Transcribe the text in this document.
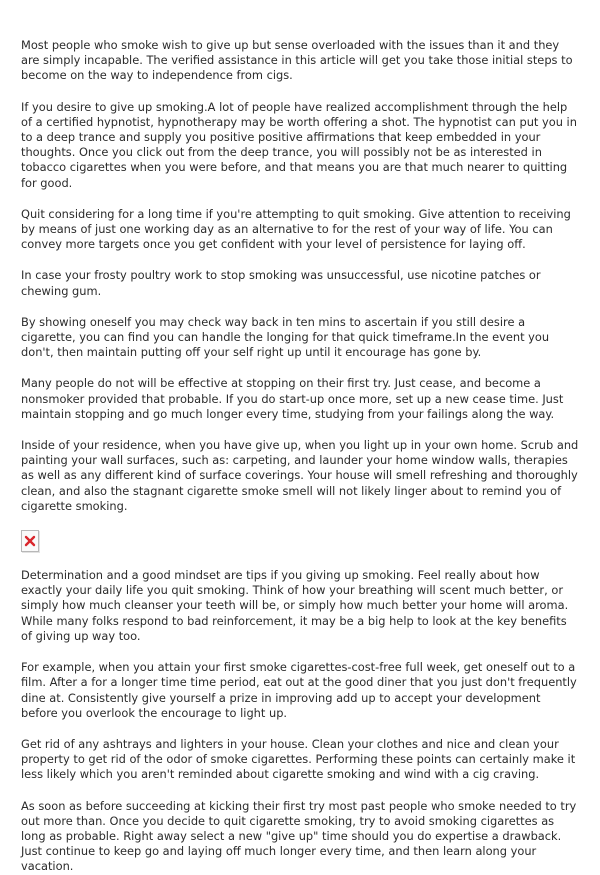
Most people who smoke wish to give up but sense overloaded with the issues than it and they are simply incapable. The verified assistance in this article will get you take those initial steps to become on the way to independence from cigs.

If you desire to give up smoking.A lot of people have realized accomplishment through the help of a certified hypnotist, hypnotherapy may be worth offering a shot. The hypnotist can put you in to a deep trance and supply you positive positive affirmations that keep embedded in your thoughts. Once you click out from the deep trance, you will possibly not be as interested in tobacco cigarettes when you were before, and that means you are that much nearer to quitting for good.

Quit considering for a long time if you're attempting to quit smoking. Give attention to receiving by means of just one working day as an alternative to for the rest of your way of life. You can convey more targets once you get confident with your level of persistence for laying off.

In case your frosty poultry work to stop smoking was unsuccessful, use nicotine patches or chewing gum.

By showing oneself you may check way back in ten mins to ascertain if you still desire a cigarette, you can find you can handle the longing for that quick timeframe.In the event you don't, then maintain putting off your self right up until it encourage has gone by.

Many people do not will be effective at stopping on their first try. Just cease, and become a nonsmoker provided that probable. If you do start-up once more, set up a new cease time. Just maintain stopping and go much longer every time, studying from your failings along the way.

Inside of your residence, when you have give up, when you light up in your own home. Scrub and painting your wall surfaces, such as: carpeting, and launder your home window walls, therapies as well as any different kind of surface coverings. Your house will smell refreshing and thoroughly clean, and also the stagnant cigarette smoke smell will not likely linger about to remind you of cigarette smoking.

Determination and a good mindset are tips if you giving up smoking. Feel really about how exactly your daily life you quit smoking. Think of how your breathing will scent much better, or simply how much cleanser your teeth will be, or simply how much better your home will aroma. While many folks respond to bad reinforcement, it may be a big help to look at the key benefits of giving up way too.

For example, when you attain your first smoke cigarettes-cost-free full week, get oneself out to a film. After a for a longer time time period, eat out at the good diner that you just don't frequently dine at. Consistently give yourself a prize in improving add up to accept your development before you overlook the encourage to light up.

Get rid of any ashtrays and lighters in your house. Clean your clothes and nice and clean your property to get rid of the odor of smoke cigarettes. Performing these points can certainly make it less likely which you aren't reminded about cigarette smoking and wind with a cig craving.

As soon as before succeeding at kicking their first try most past people who smoke needed to try out more than. Once you decide to quit cigarette smoking, try to avoid smoking cigarettes as long as probable. Right away select a new "give up" time should you do expertise a drawback. Just continue to keep go and laying off much longer every time, and then learn along your vacation.
